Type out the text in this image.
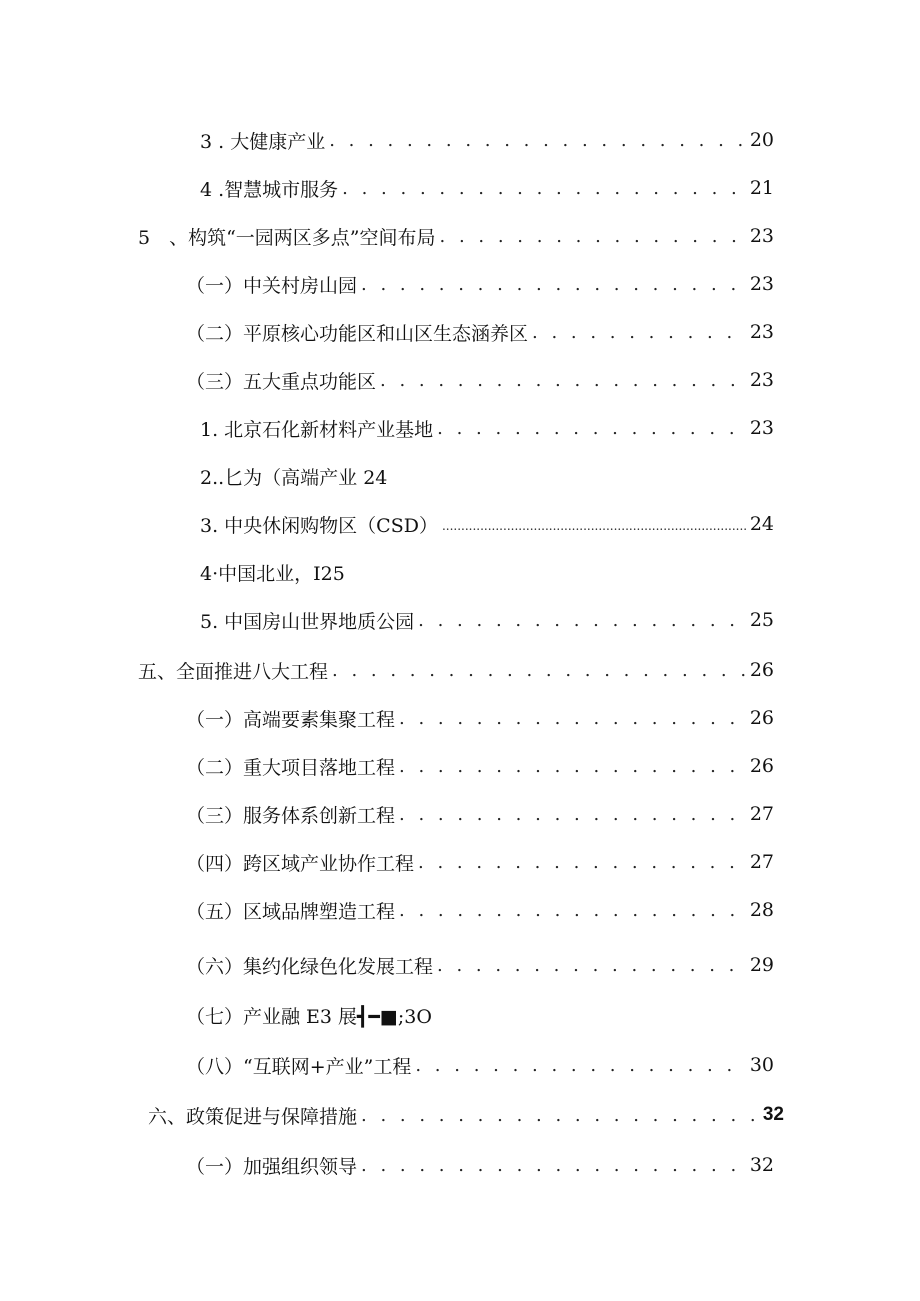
3 . 大健康产业 . . .	20
4 .智慧城市服务 . . .	21
5　、构筑“一园两区多点”空间布局 . . .	23
（一）中关村房山园 . . .	23
（二）平原核心功能区和山区生态涵养区 . . .	23
（三）五大重点功能区 . . .	23
1. 北京石化新材料产业基地 . . .	23
2..匕为（高端产业 24
3. 中央休闲购物区（CSD） .....	24
4·中国北业，I25
5. 中国房山世界地质公园 . . .	25
五、全面推进八大工程 . . .	26
（一）高端要素集聚工程 . . .	26
（二）重大项目落地工程 . . .	26
（三）服务体系创新工程 . . .	27
（四）跨区域产业协作工程 . . .	27
（五）区域品牌塑造工程 . . .	28
（六）集约化绿色化发展工程 . . .	29
（七）产业融 E3 展┫━■;3O
（八）“互联网+产业”工程 . . .	30
六、政策促进与保障措施 . . .	32
（一）加强组织领导 . . .	32
